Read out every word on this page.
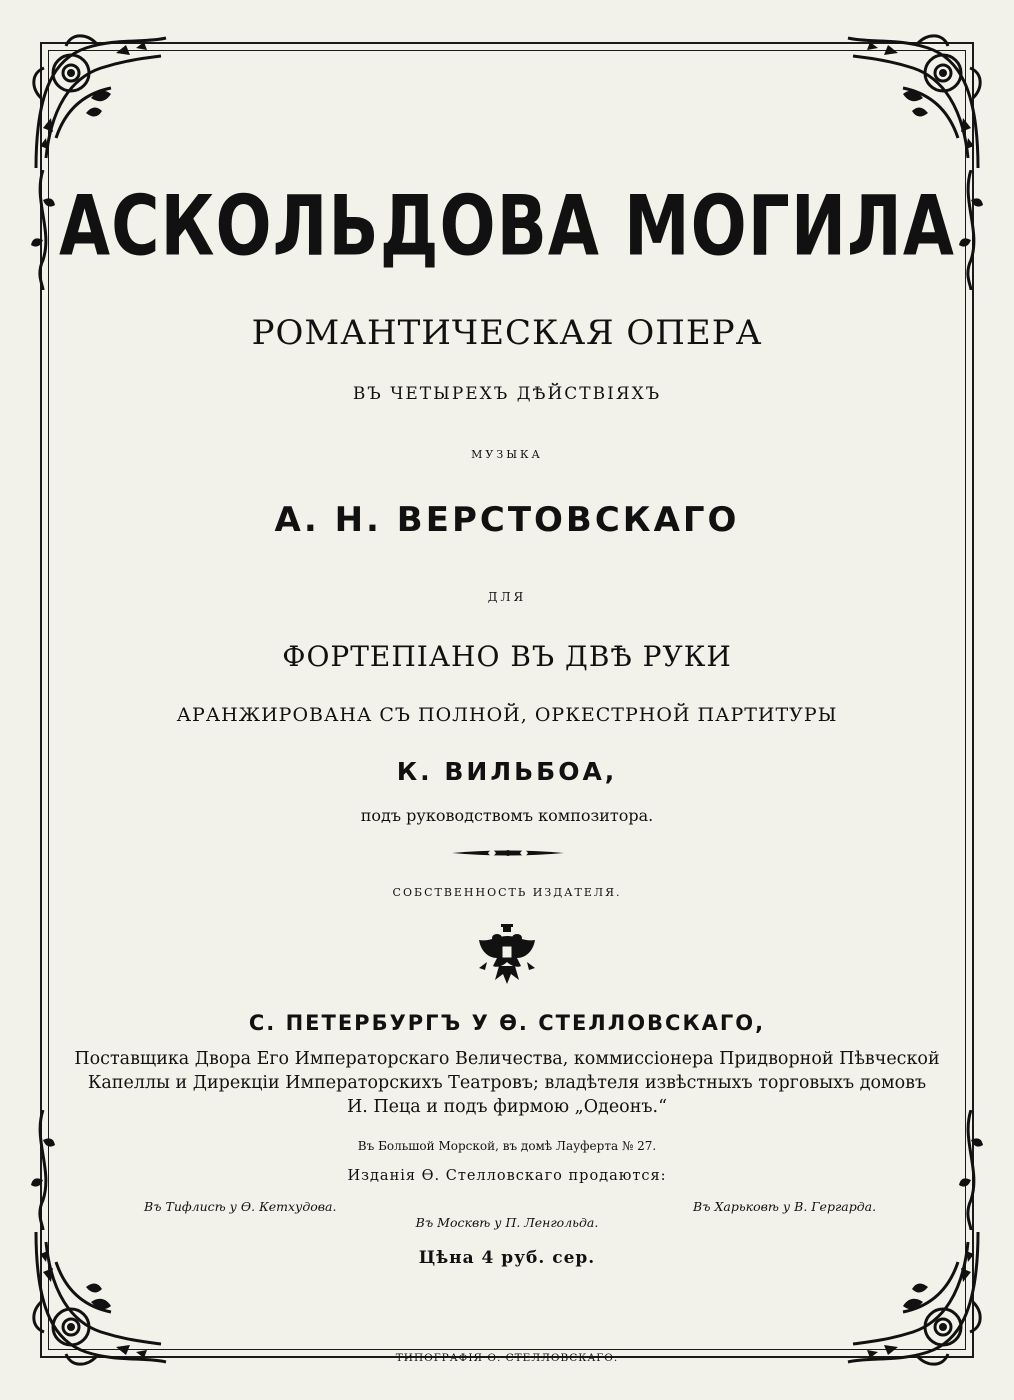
АСКОЛЬДОВА МОГИЛА
РОМАНТИЧЕСКАЯ ОПЕРА
ВЪ ЧЕТЫРЕХЪ ДѢЙСТВІЯХЪ
МУЗЫКА
А. Н. ВЕРСТОВСКАГО
ДЛЯ
ФОРТЕПІАНО ВЪ ДВѢ РУКИ
АРАНЖИРОВАНА СЪ ПОЛНОЙ, ОРКЕСТРНОЙ ПАРТИТУРЫ
К. ВИЛЬБОА,
подъ руководствомъ композитора.
СОБСТВЕННОСТЬ ИЗДАТЕЛЯ.
С. ПЕТЕРБУРГЪ У Ѳ. СТЕЛЛОВСКАГО,
Поставщика Двора Его Императорскаго Величества, коммиссіонера Придворной Пѣвческой
Капеллы и Дирекціи Императорскихъ Театровъ; владѣтеля извѣстныхъ торговыхъ домовъ
И. Пеца и подъ фирмою „Одеонъ.“
Въ Большой Морской, въ домѣ Лауферта № 27.
Изданія Ѳ. Стелловскаго продаются:
Въ Тифлисѣ у Ѳ. Кетхудова.	Въ Харьковѣ у В. Гергарда.
Въ Москвѣ у П. Ленгольда.
Цѣна 4 руб. сер.
ТИПОГРАФІЯ Ѳ. СТЕЛЛОВСКАГО.
